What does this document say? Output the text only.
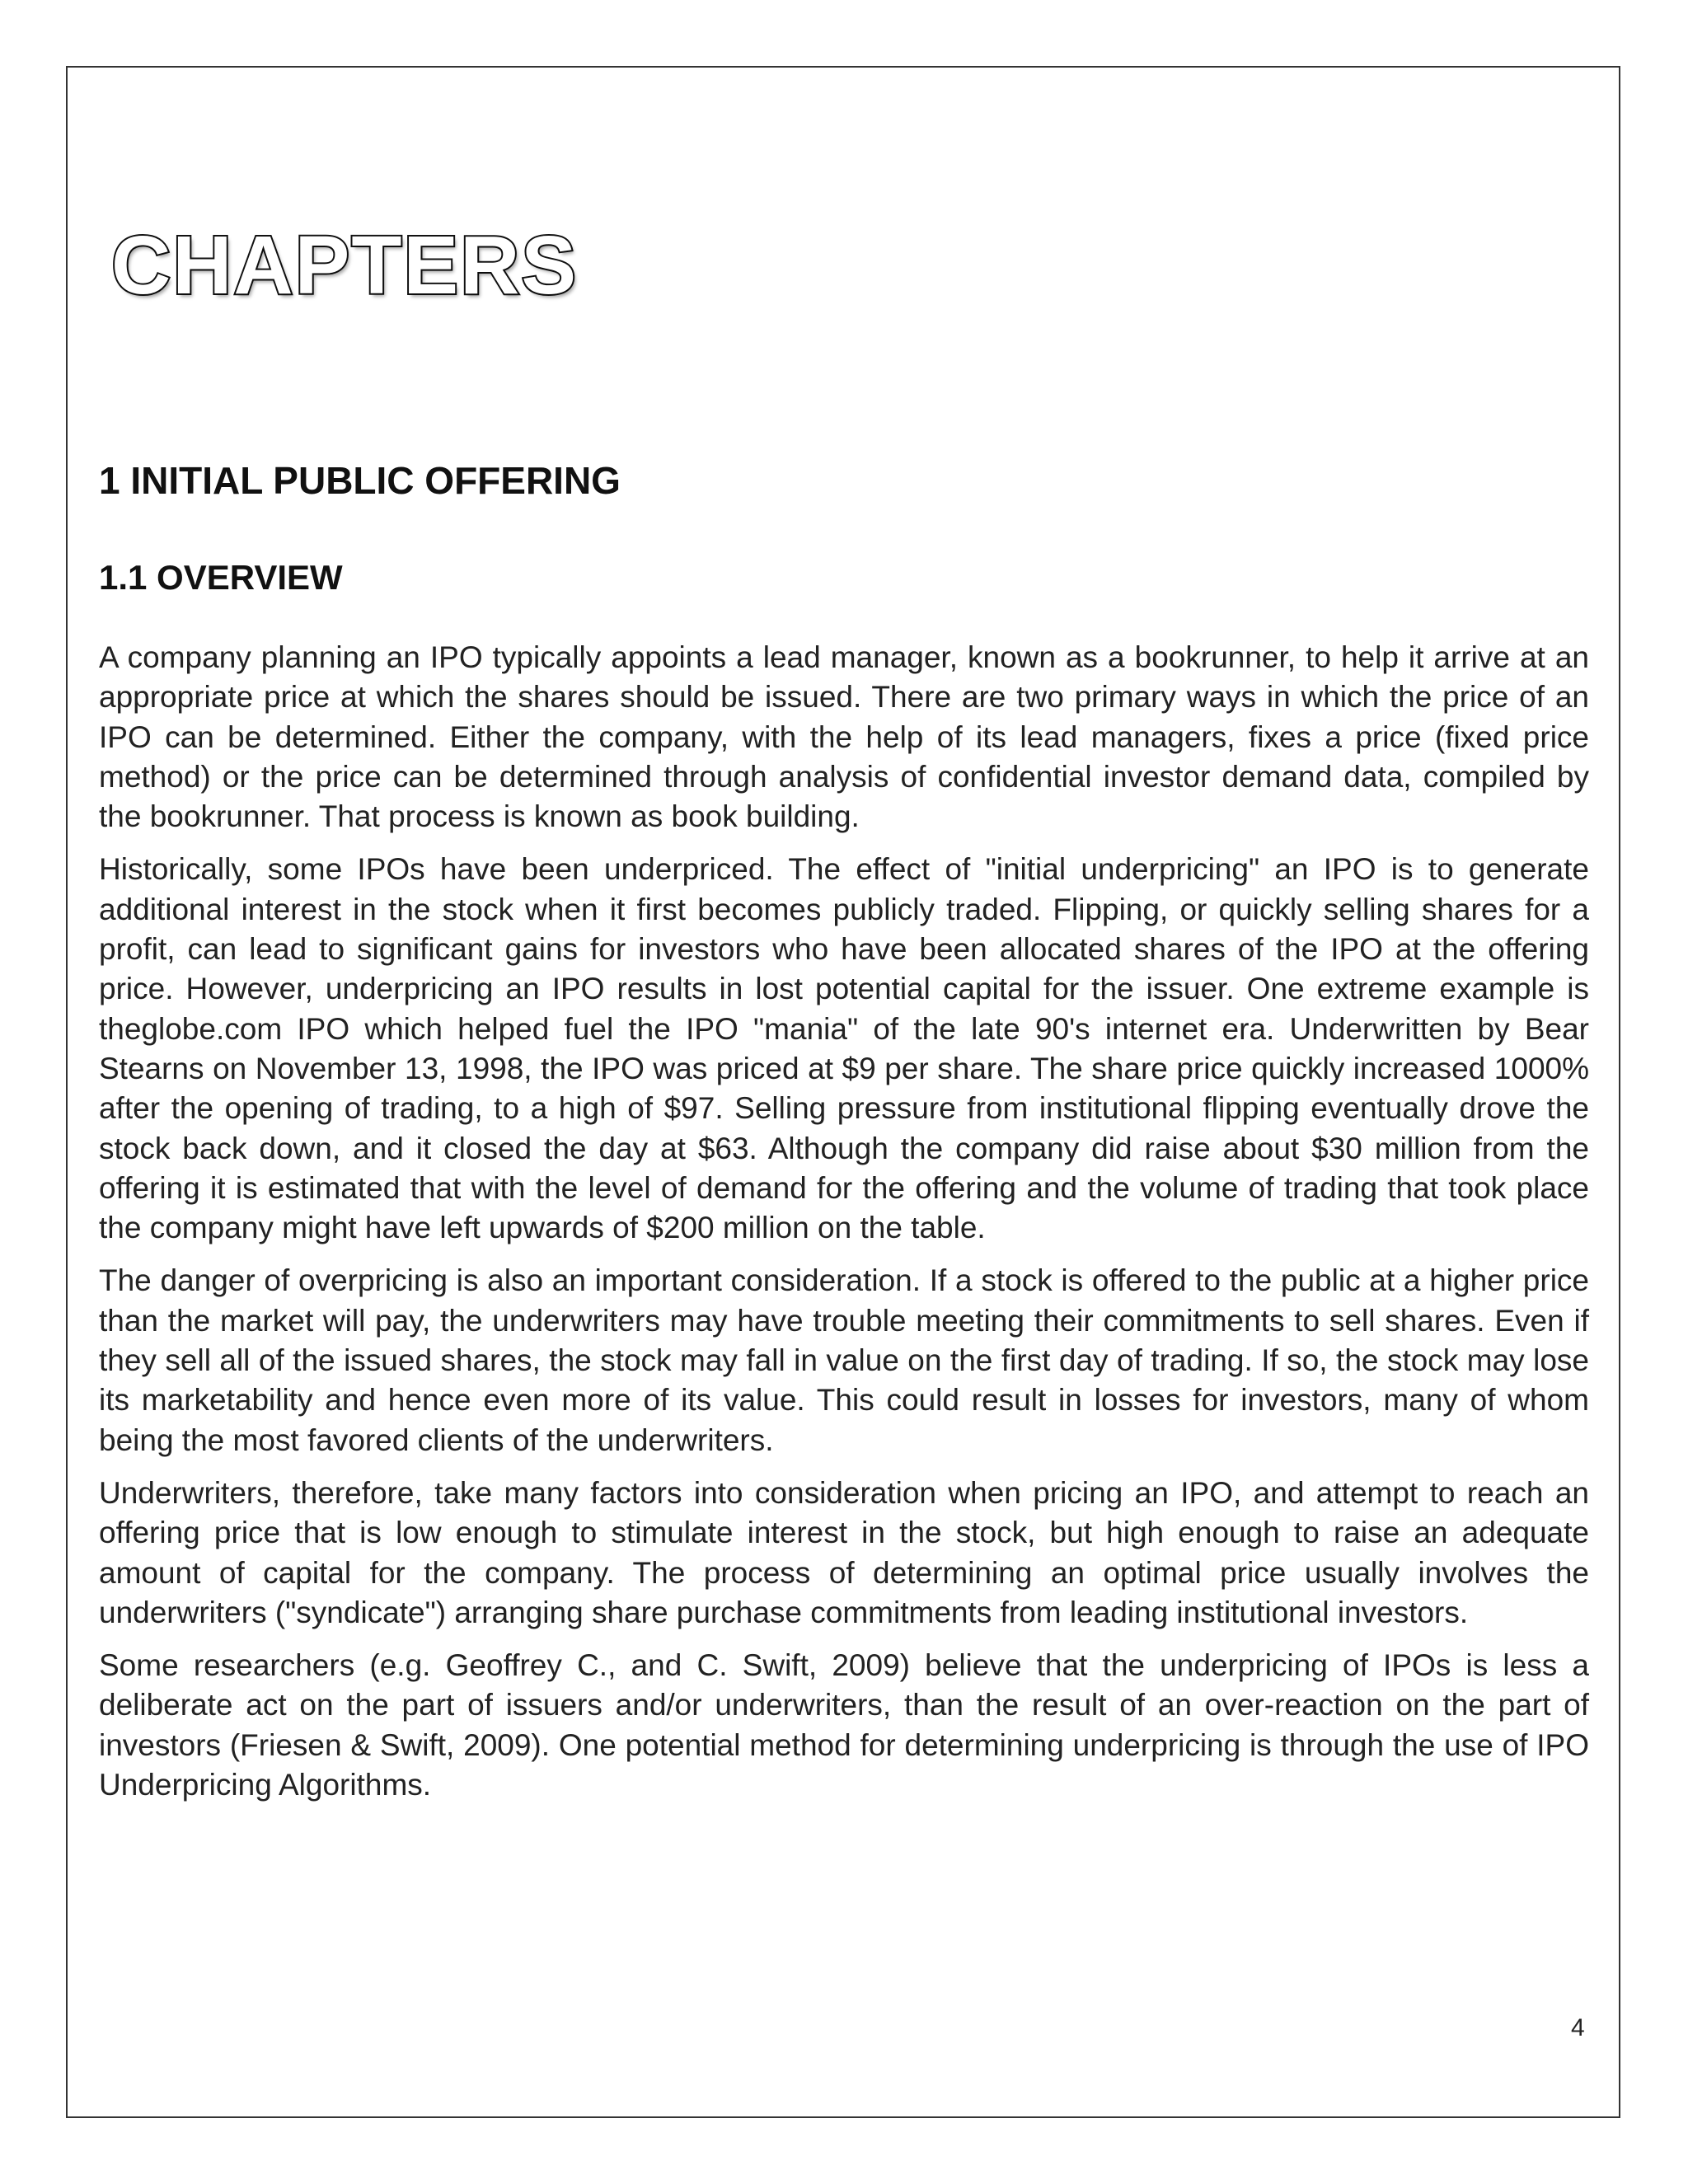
CHAPTERS
1 INITIAL PUBLIC OFFERING
1.1 OVERVIEW

A company planning an IPO typically appoints a lead manager, known as a bookrunner, to help it arrive at an appropriate price at which the shares should be issued. There are two primary ways in which the price of an IPO can be determined. Either the company, with the help of its lead managers, fixes a price (fixed price method) or the price can be determined through analysis of confidential investor demand data, compiled by the bookrunner. That process is known as book building.

Historically, some IPOs have been underpriced. The effect of "initial underpricing" an IPO is to generate additional interest in the stock when it first becomes publicly traded. Flipping, or quickly selling shares for a profit, can lead to significant gains for investors who have been allocated shares of the IPO at the offering price. However, underpricing an IPO results in lost potential capital for the issuer. One extreme example is theglobe.com IPO which helped fuel the IPO "mania" of the late 90's internet era. Underwritten by Bear Stearns on November 13, 1998, the IPO was priced at $9 per share. The share price quickly increased 1000% after the opening of trading, to a high of $97. Selling pressure from institutional flipping eventually drove the stock back down, and it closed the day at $63. Although the company did raise about $30 million from the offering it is estimated that with the level of demand for the offering and the volume of trading that took place the company might have left upwards of $200 million on the table.

The danger of overpricing is also an important consideration. If a stock is offered to the public at a higher price than the market will pay, the underwriters may have trouble meeting their commitments to sell shares. Even if they sell all of the issued shares, the stock may fall in value on the first day of trading. If so, the stock may lose its marketability and hence even more of its value. This could result in losses for investors, many of whom being the most favored clients of the underwriters.

Underwriters, therefore, take many factors into consideration when pricing an IPO, and attempt to reach an offering price that is low enough to stimulate interest in the stock, but high enough to raise an adequate amount of capital for the company. The process of determining an optimal price usually involves the underwriters ("syndicate") arranging share purchase commitments from leading institutional investors.

Some researchers (e.g. Geoffrey C., and C. Swift, 2009) believe that the underpricing of IPOs is less a deliberate act on the part of issuers and/or underwriters, than the result of an over-reaction on the part of investors (Friesen & Swift, 2009). One potential method for determining underpricing is through the use of IPO Underpricing Algorithms.

4
